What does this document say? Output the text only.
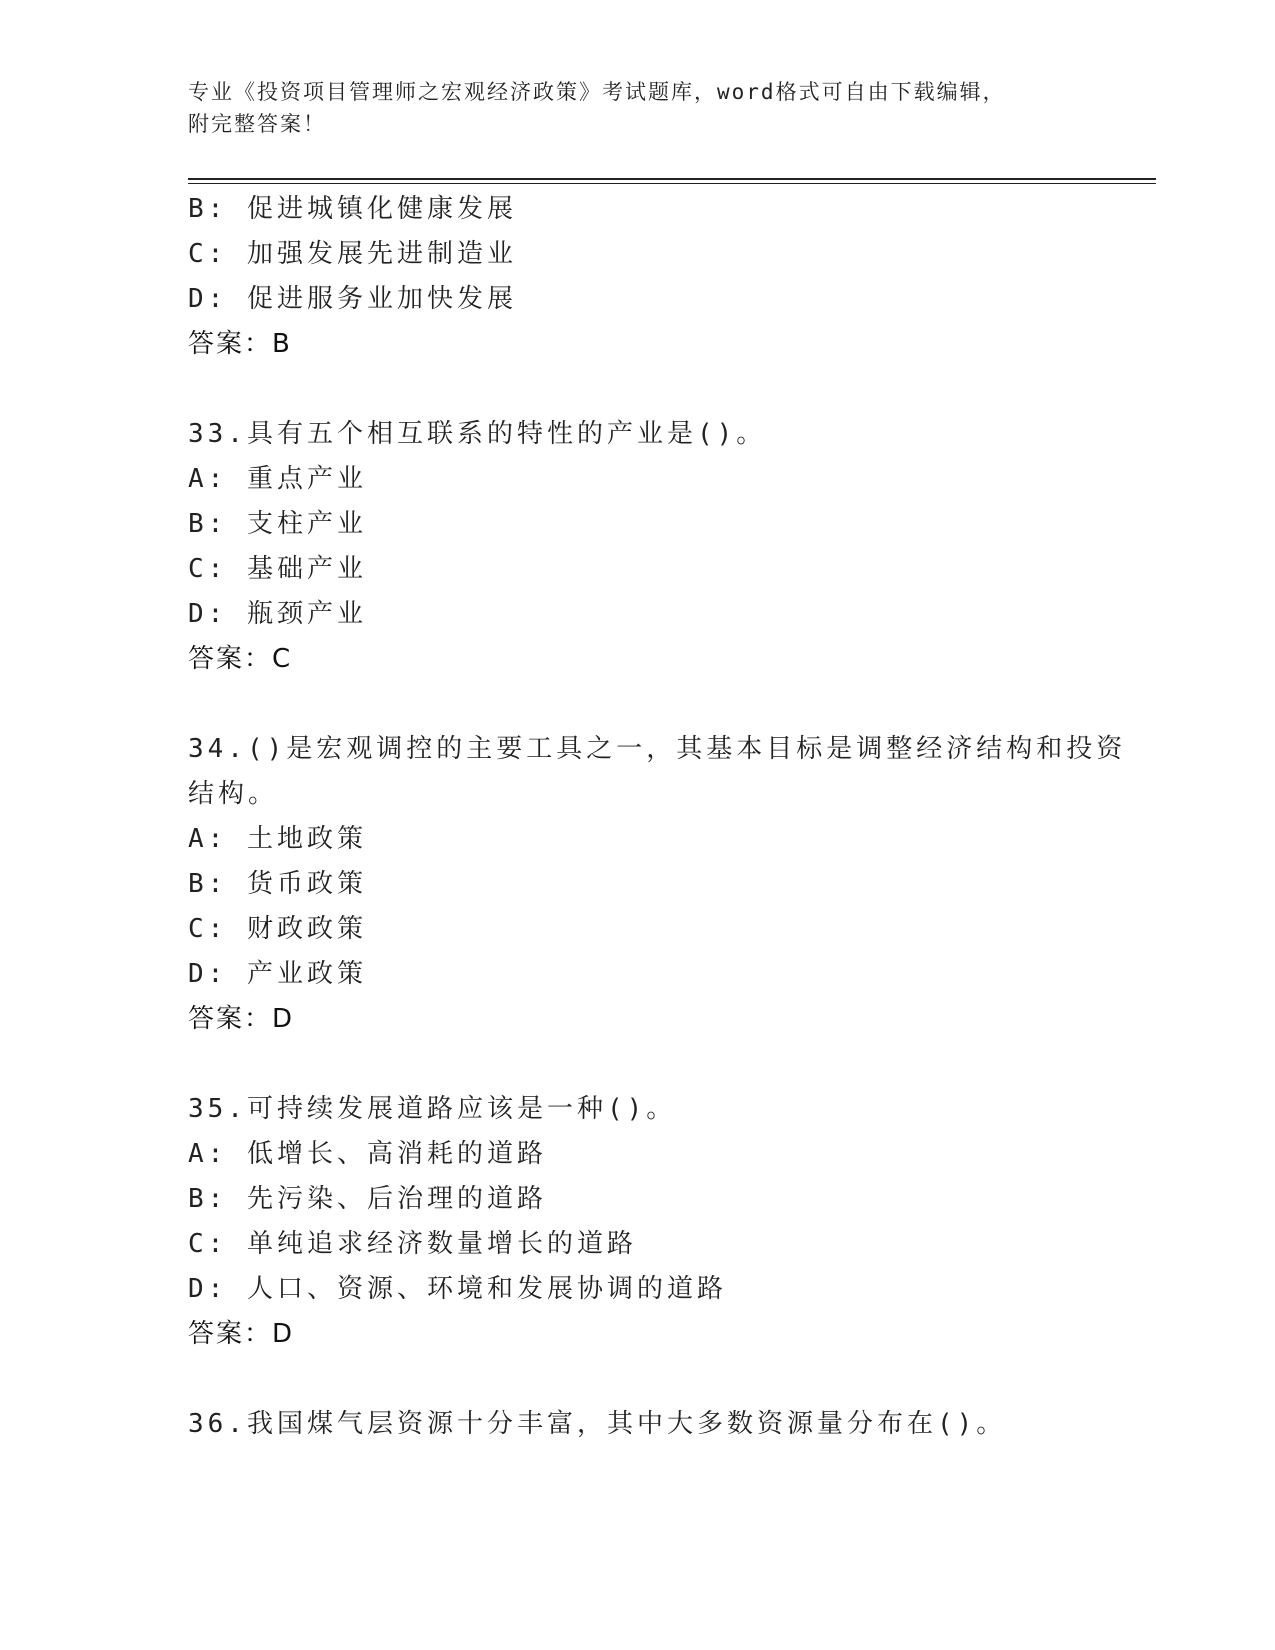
专业《投资项目管理师之宏观经济政策》考试题库，word格式可自由下载编辑，
附完整答案！
B: 促进城镇化健康发展
C: 加强发展先进制造业
D: 促进服务业加快发展
答案：B
33.具有五个相互联系的特性的产业是()。
A: 重点产业
B: 支柱产业
C: 基础产业
D: 瓶颈产业
答案：C
34.()是宏观调控的主要工具之一，其基本目标是调整经济结构和投资
结构。
A: 土地政策
B: 货币政策
C: 财政政策
D: 产业政策
答案：D
35.可持续发展道路应该是一种()。
A: 低增长、高消耗的道路
B: 先污染、后治理的道路
C: 单纯追求经济数量增长的道路
D: 人口、资源、环境和发展协调的道路
答案：D
36.我国煤气层资源十分丰富，其中大多数资源量分布在()。
